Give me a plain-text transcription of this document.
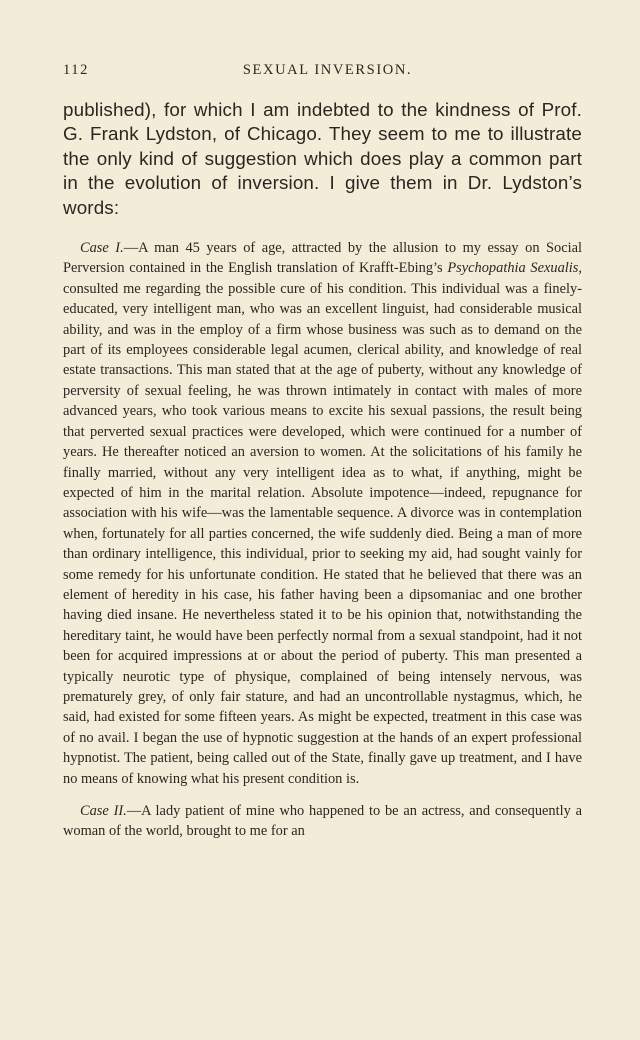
112	SEXUAL INVERSION.

published), for which I am indebted to the kindness of Prof. G. Frank Lydston, of Chicago. They seem to me to illustrate the only kind of suggestion which does play a common part in the evolution of inversion. I give them in Dr. Lydston’s words:

Case I.—A man 45 years of age, attracted by the allusion to my essay on Social Perversion contained in the English translation of Krafft-Ebing’s Psychopathia Sexualis, consulted me regarding the possible cure of his condition. This individual was a finely-educated, very intelligent man, who was an excellent linguist, had considerable musical ability, and was in the employ of a firm whose business was such as to demand on the part of its employees considerable legal acumen, clerical ability, and knowledge of real estate transactions. This man stated that at the age of puberty, without any knowledge of perversity of sexual feeling, he was thrown intimately in contact with males of more advanced years, who took various means to excite his sexual passions, the result being that perverted sexual practices were developed, which were continued for a number of years. He thereafter noticed an aversion to women. At the solicitations of his family he finally married, without any very intelligent idea as to what, if anything, might be expected of him in the marital relation. Absolute impotence—indeed, repugnance for association with his wife—was the lamentable sequence. A divorce was in contemplation when, fortunately for all parties concerned, the wife suddenly died. Being a man of more than ordinary intelligence, this individual, prior to seeking my aid, had sought vainly for some remedy for his unfortunate condition. He stated that he believed that there was an element of heredity in his case, his father having been a dipsomaniac and one brother having died insane. He nevertheless stated it to be his opinion that, notwithstanding the hereditary taint, he would have been perfectly normal from a sexual standpoint, had it not been for acquired impressions at or about the period of puberty. This man presented a typically neurotic type of physique, complained of being intensely nervous, was prematurely grey, of only fair stature, and had an uncontrollable nystagmus, which, he said, had existed for some fifteen years. As might be expected, treatment in this case was of no avail. I began the use of hypnotic suggestion at the hands of an expert professional hypnotist. The patient, being called out of the State, finally gave up treatment, and I have no means of knowing what his present condition is.

Case II.—A lady patient of mine who happened to be an actress, and consequently a woman of the world, brought to me for an
